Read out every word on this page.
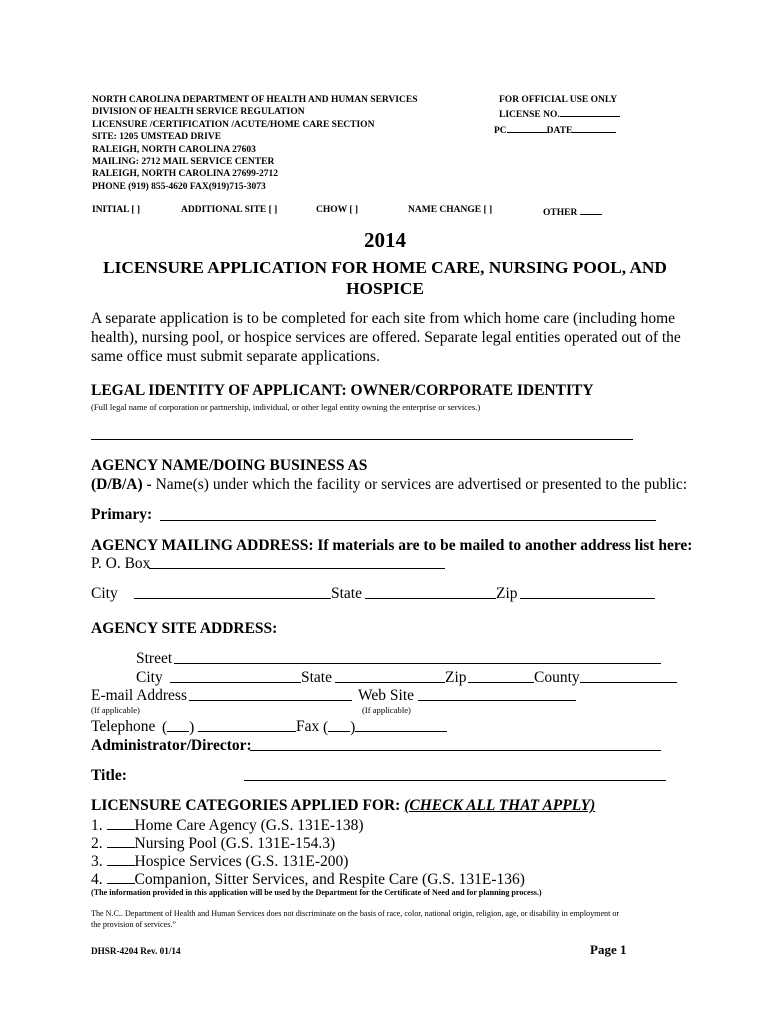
NORTH CAROLINA DEPARTMENT OF HEALTH AND HUMAN SERVICES
DIVISION OF HEALTH SERVICE REGULATION
LICENSURE /CERTIFICATION /ACUTE/HOME CARE SECTION
SITE: 1205 UMSTEAD DRIVE
RALEIGH, NORTH CAROLINA 27603
MAILING: 2712 MAIL SERVICE CENTER
RALEIGH, NORTH CAROLINA 27699-2712
PHONE (919) 855-4620 FAX(919)715-3073
FOR OFFICIAL USE ONLY
LICENSE NO.
PC	DATE
INITIAL [ ]	ADDITIONAL SITE [ ]	CHOW [ ]	NAME CHANGE [ ]	OTHER
2014
LICENSURE APPLICATION FOR HOME CARE, NURSING POOL, AND
HOSPICE
A separate application is to be completed for each site from which home care (including home
health), nursing pool, or hospice services are offered. Separate legal entities operated out of the
same office must submit separate applications.
LEGAL IDENTITY OF APPLICANT: OWNER/CORPORATE IDENTITY
(Full legal name of corporation or partnership, individual, or other legal entity owning the enterprise or services.)
AGENCY NAME/DOING BUSINESS AS
(D/B/A) - Name(s) under which the facility or services are advertised or presented to the public:
Primary:
AGENCY MAILING ADDRESS: If materials are to be mailed to another address list here:
P. O. Box
City	State	Zip
AGENCY SITE ADDRESS:
Street
City	State	Zip	County
E-mail Address	Web Site
(If applicable)	(If applicable)
Telephone ( )	Fax ( )
Administrator/Director:
Title:
LICENSURE CATEGORIES APPLIED FOR: (CHECK ALL THAT APPLY)
1. Home Care Agency (G.S. 131E-138)
2. Nursing Pool (G.S. 131E-154.3)
3. Hospice Services (G.S. 131E-200)
4. Companion, Sitter Services, and Respite Care (G.S. 131E-136)
(The information provided in this application will be used by the Department for the Certificate of Need and for planning process.)
The N.C.. Department of Health and Human Services does not discriminate on the basis of race, color, national origin, religion, age, or disability in employment or
the provision of services.”
DHSR-4204 Rev. 01/14	Page 1
